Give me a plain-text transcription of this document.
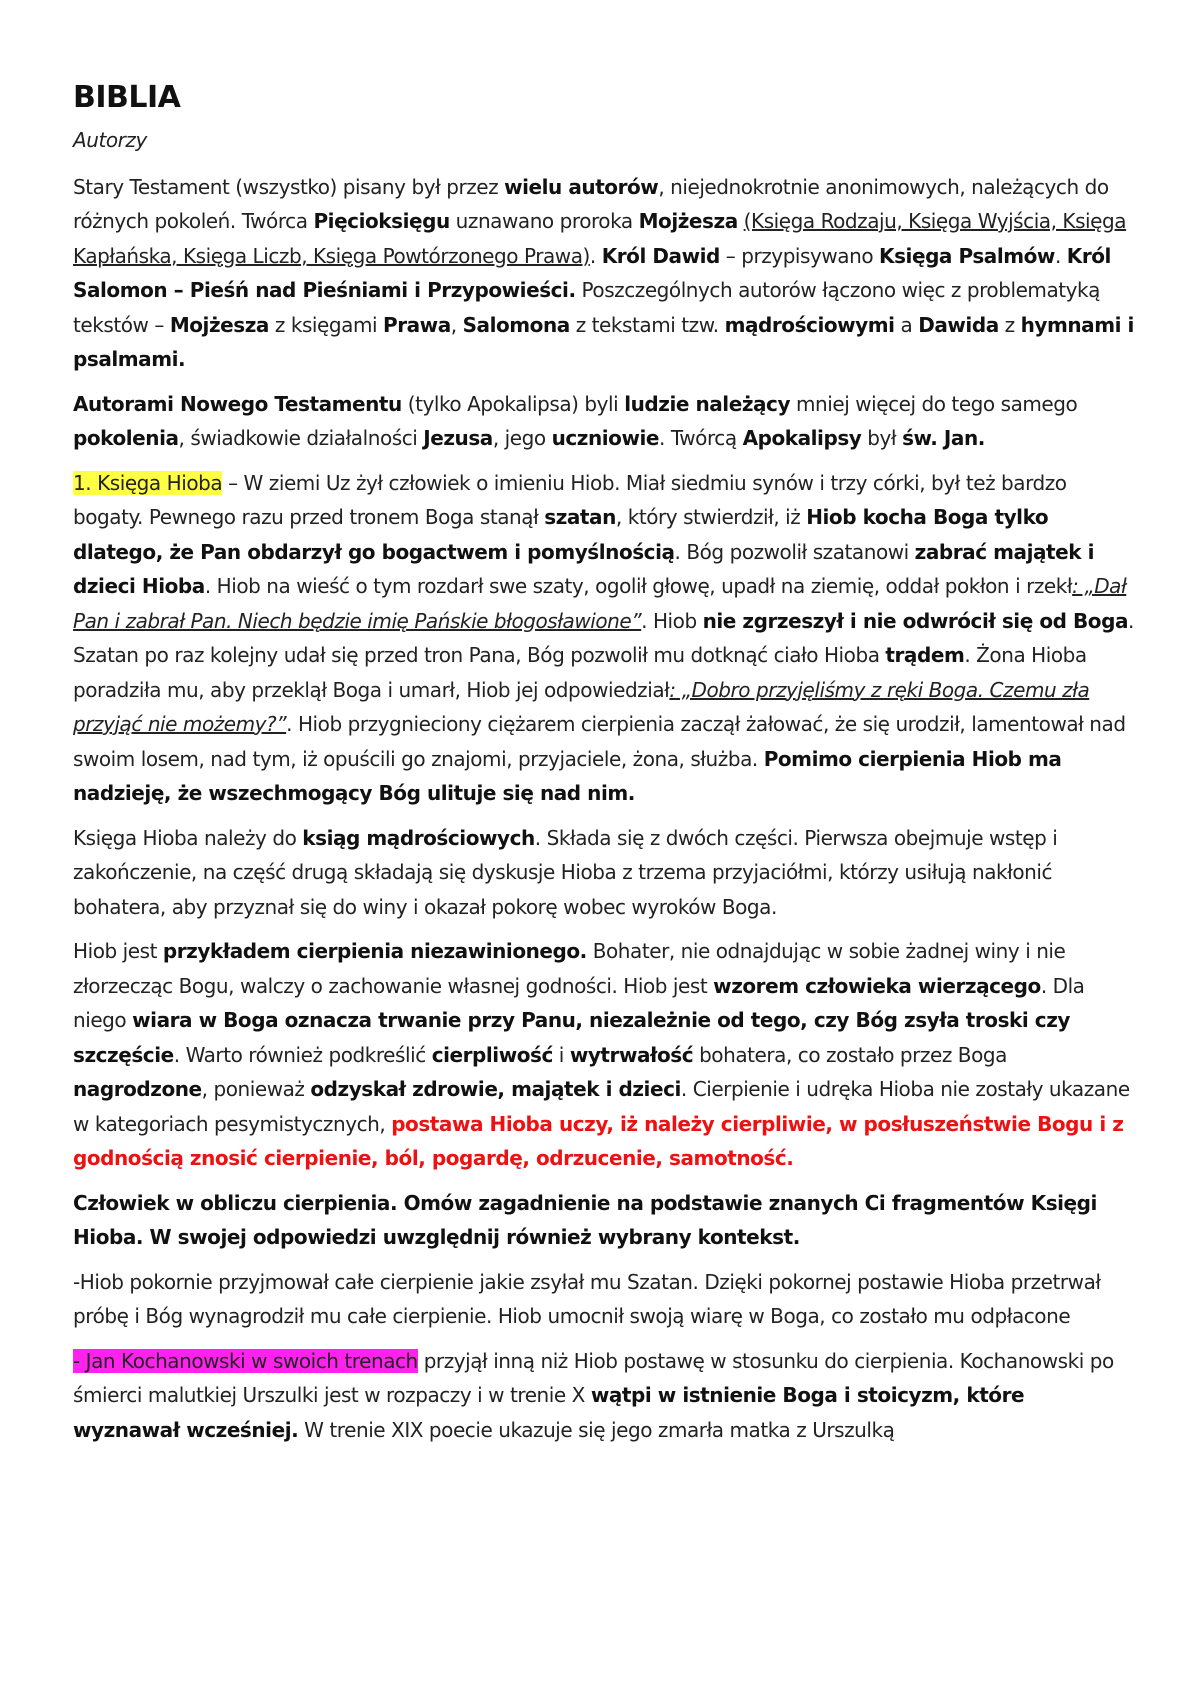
BIBLIA

Autorzy

Stary Testament (wszystko) pisany był przez wielu autorów, niejednokrotnie anonimowych, należących do różnych pokoleń. Twórca Pięcioksięgu uznawano proroka Mojżesza (Księga Rodzaju, Księga Wyjścia, Księga Kapłańska, Księga Liczb, Księga Powtórzonego Prawa). Król Dawid – przypisywano Księga Psalmów. Król Salomon – Pieśń nad Pieśniami i Przypowieści. Poszczególnych autorów łączono więc z problematyką tekstów – Mojżesza z księgami Prawa, Salomona z tekstami tzw. mądrościowymi a Dawida z hymnami i psalmami.

Autorami Nowego Testamentu (tylko Apokalipsa) byli ludzie należący mniej więcej do tego samego pokolenia, świadkowie działalności Jezusa, jego uczniowie. Twórcą Apokalipsy był św. Jan.

1. Księga Hioba – W ziemi Uz żył człowiek o imieniu Hiob. Miał siedmiu synów i trzy córki, był też bardzo bogaty. Pewnego razu przed tronem Boga stanął szatan, który stwierdził, iż Hiob kocha Boga tylko dlatego, że Pan obdarzył go bogactwem i pomyślnością. Bóg pozwolił szatanowi zabrać majątek i dzieci Hioba. Hiob na wieść o tym rozdarł swe szaty, ogolił głowę, upadł na ziemię, oddał pokłon i rzekł: „Dał Pan i zabrał Pan. Niech będzie imię Pańskie błogosławione”. Hiob nie zgrzeszył i nie odwrócił się od Boga. Szatan po raz kolejny udał się przed tron Pana, Bóg pozwolił mu dotknąć ciało Hioba trądem. Żona Hioba poradziła mu, aby przeklął Boga i umarł, Hiob jej odpowiedział: „Dobro przyjęliśmy z ręki Boga. Czemu zła przyjąć nie możemy?”. Hiob przygnieciony ciężarem cierpienia zaczął żałować, że się urodził, lamentował nad swoim losem, nad tym, iż opuścili go znajomi, przyjaciele, żona, służba. Pomimo cierpienia Hiob ma nadzieję, że wszechmogący Bóg ulituje się nad nim.

Księga Hioba należy do ksiąg mądrościowych. Składa się z dwóch części. Pierwsza obejmuje wstęp i zakończenie, na część drugą składają się dyskusje Hioba z trzema przyjaciółmi, którzy usiłują nakłonić bohatera, aby przyznał się do winy i okazał pokorę wobec wyroków Boga.

Hiob jest przykładem cierpienia niezawinionego. Bohater, nie odnajdując w sobie żadnej winy i nie złorzecząc Bogu, walczy o zachowanie własnej godności. Hiob jest wzorem człowieka wierzącego. Dla niego wiara w Boga oznacza trwanie przy Panu, niezależnie od tego, czy Bóg zsyła troski czy szczęście. Warto również podkreślić cierpliwość i wytrwałość bohatera, co zostało przez Boga nagrodzone, ponieważ odzyskał zdrowie, majątek i dzieci. Cierpienie i udręka Hioba nie zostały ukazane w kategoriach pesymistycznych, postawa Hioba uczy, iż należy cierpliwie, w posłuszeństwie Bogu i z godnością znosić cierpienie, ból, pogardę, odrzucenie, samotność.

Człowiek w obliczu cierpienia. Omów zagadnienie na podstawie znanych Ci fragmentów Księgi Hioba. W swojej odpowiedzi uwzględnij również wybrany kontekst.

-Hiob pokornie przyjmował całe cierpienie jakie zsyłał mu Szatan. Dzięki pokornej postawie Hioba przetrwał próbę i Bóg wynagrodził mu całe cierpienie. Hiob umocnił swoją wiarę w Boga, co zostało mu odpłacone

- Jan Kochanowski w swoich trenach przyjął inną niż Hiob postawę w stosunku do cierpienia. Kochanowski po śmierci malutkiej Urszulki jest w rozpaczy i w trenie X wątpi w istnienie Boga i stoicyzm, które wyznawał wcześniej. W trenie XIX poecie ukazuje się jego zmarła matka z Urszulką
